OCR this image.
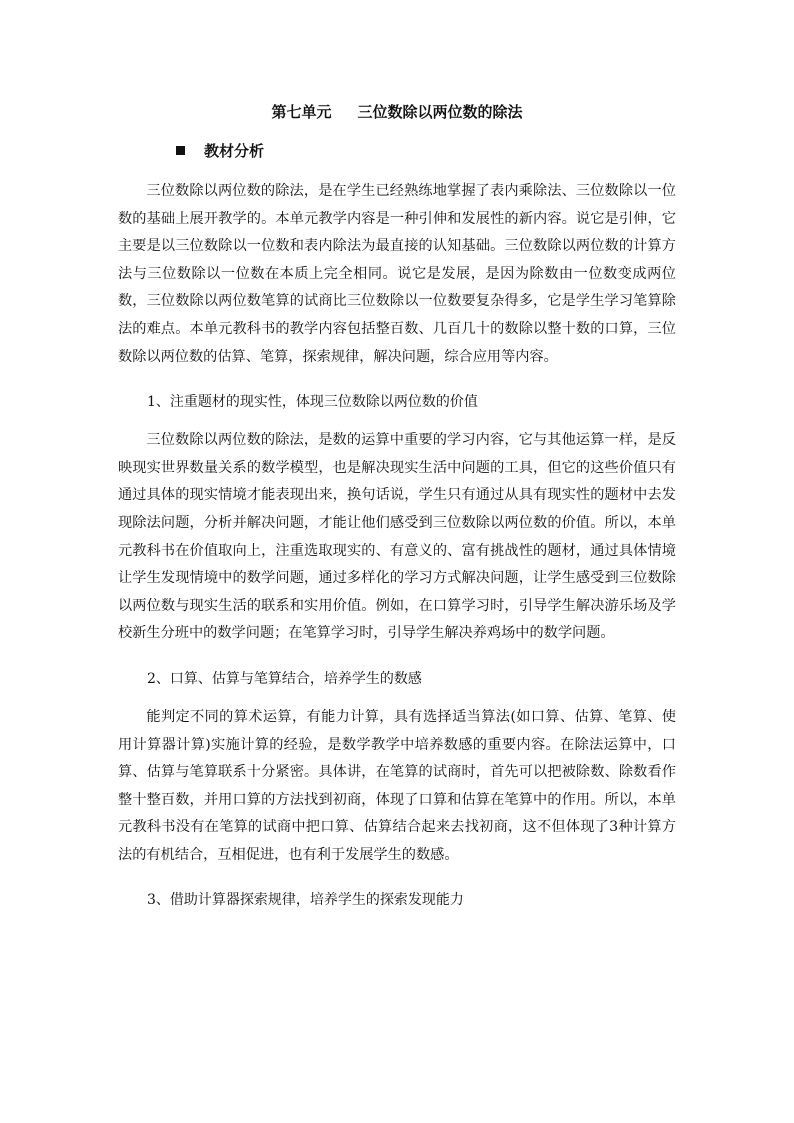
第七单元 三位数除以两位数的除法
教材分析

三位数除以两位数的除法，是在学生已经熟练地掌握了表内乘除法、三位数除以一位数的基础上展开教学的。本单元教学内容是一种引伸和发展性的新内容。说它是引伸，它主要是以三位数除以一位数和表内除法为最直接的认知基础。三位数除以两位数的计算方法与三位数除以一位数在本质上完全相同。说它是发展，是因为除数由一位数变成两位数，三位数除以两位数笔算的试商比三位数除以一位数要复杂得多，它是学生学习笔算除法的难点。本单元教科书的教学内容包括整百数、几百几十的数除以整十数的口算，三位数除以两位数的估算、笔算，探索规律，解决问题，综合应用等内容。

1、注重题材的现实性，体现三位数除以两位数的价值

三位数除以两位数的除法，是数的运算中重要的学习内容，它与其他运算一样，是反映现实世界数量关系的数学模型，也是解决现实生活中问题的工具，但它的这些价值只有通过具体的现实情境才能表现出来，换句话说，学生只有通过从具有现实性的题材中去发现除法问题，分析并解决问题，才能让他们感受到三位数除以两位数的价值。所以，本单元教科书在价值取向上，注重选取现实的、有意义的、富有挑战性的题材，通过具体情境让学生发现情境中的数学问题，通过多样化的学习方式解决问题，让学生感受到三位数除以两位数与现实生活的联系和实用价值。例如，在口算学习时，引导学生解决游乐场及学校新生分班中的数学问题；在笔算学习时，引导学生解决养鸡场中的数学问题。

2、口算、估算与笔算结合，培养学生的数感

能判定不同的算术运算，有能力计算，具有选择适当算法(如口算、估算、笔算、使用计算器计算)实施计算的经验，是数学教学中培养数感的重要内容。在除法运算中，口算、估算与笔算联系十分紧密。具体讲，在笔算的试商时，首先可以把被除数、除数看作整十整百数，并用口算的方法找到初商，体现了口算和估算在笔算中的作用。所以，本单元教科书没有在笔算的试商中把口算、估算结合起来去找初商，这不但体现了3种计算方法的有机结合，互相促进，也有利于发展学生的数感。

3、借助计算器探索规律，培养学生的探索发现能力
